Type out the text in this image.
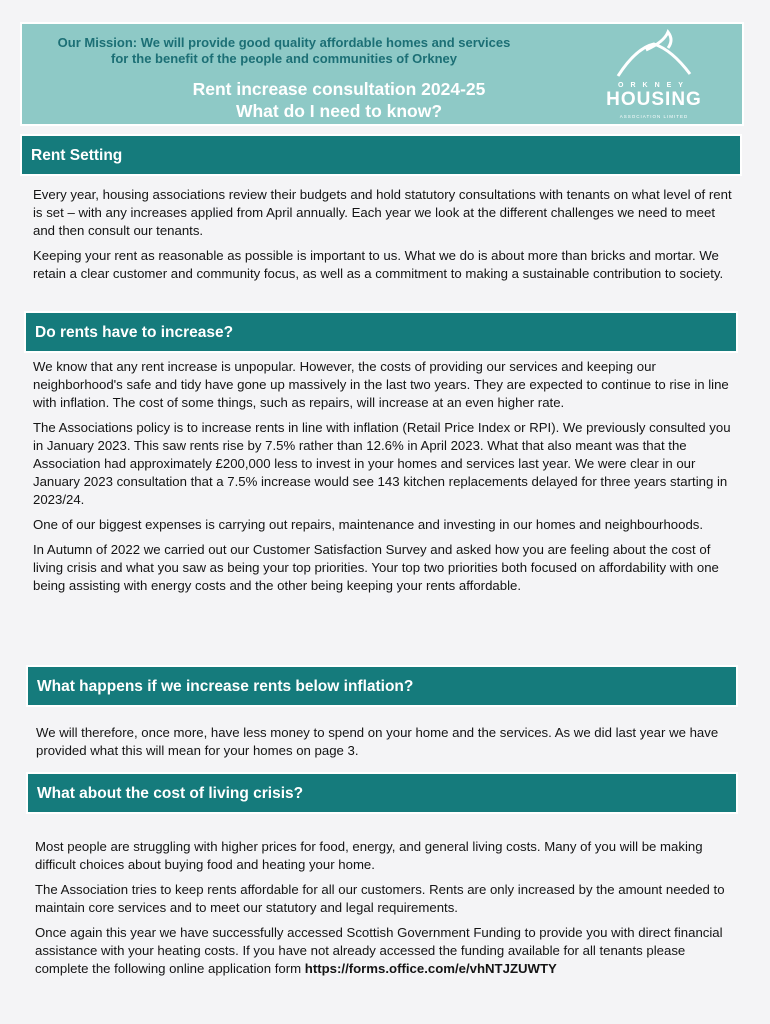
Our Mission: We will provide good quality affordable homes and services
for the benefit of the people and communities of Orkney
Rent increase consultation 2024-25
What do I need to know?
ORKNEY
HOUSING
ASSOCIATION LIMITED
Rent Setting

Every year, housing associations review their budgets and hold statutory consultations with tenants on what level of rent is set – with any increases applied from April annually. Each year we look at the different challenges we need to meet and then consult our tenants.

Keeping your rent as reasonable as possible is important to us. What we do is about more than bricks and mortar. We retain a clear customer and community focus, as well as a commitment to making a sustainable contribution to society.

Do rents have to increase?

We know that any rent increase is unpopular. However, the costs of providing our services and keeping our neighborhood's safe and tidy have gone up massively in the last two years. They are expected to continue to rise in line with inflation. The cost of some things, such as repairs, will increase at an even higher rate.

The Associations policy is to increase rents in line with inflation (Retail Price Index or RPI). We previously consulted you in January 2023. This saw rents rise by 7.5% rather than 12.6% in April 2023. What that also meant was that the Association had approximately £200,000 less to invest in your homes and services last year. We were clear in our January 2023 consultation that a 7.5% increase would see 143 kitchen replacements delayed for three years starting in 2023/24.

One of our biggest expenses is carrying out repairs, maintenance and investing in our homes and neighbourhoods.

In Autumn of 2022 we carried out our Customer Satisfaction Survey and asked how you are feeling about the cost of living crisis and what you saw as being your top priorities. Your top two priorities both focused on affordability with one being assisting with energy costs and the other being keeping your rents affordable.

What happens if we increase rents below inflation?

We will therefore, once more, have less money to spend on your home and the services. As we did last year we have provided what this will mean for your homes on page 3.

What about the cost of living crisis?

Most people are struggling with higher prices for food, energy, and general living costs. Many of you will be making difficult choices about buying food and heating your home.

The Association tries to keep rents affordable for all our customers. Rents are only increased by the amount needed to maintain core services and to meet our statutory and legal requirements.

Once again this year we have successfully accessed Scottish Government Funding to provide you with direct financial assistance with your heating costs. If you have not already accessed the funding available for all tenants please complete the following online application form https://forms.office.com/e/vhNTJZUWTY
